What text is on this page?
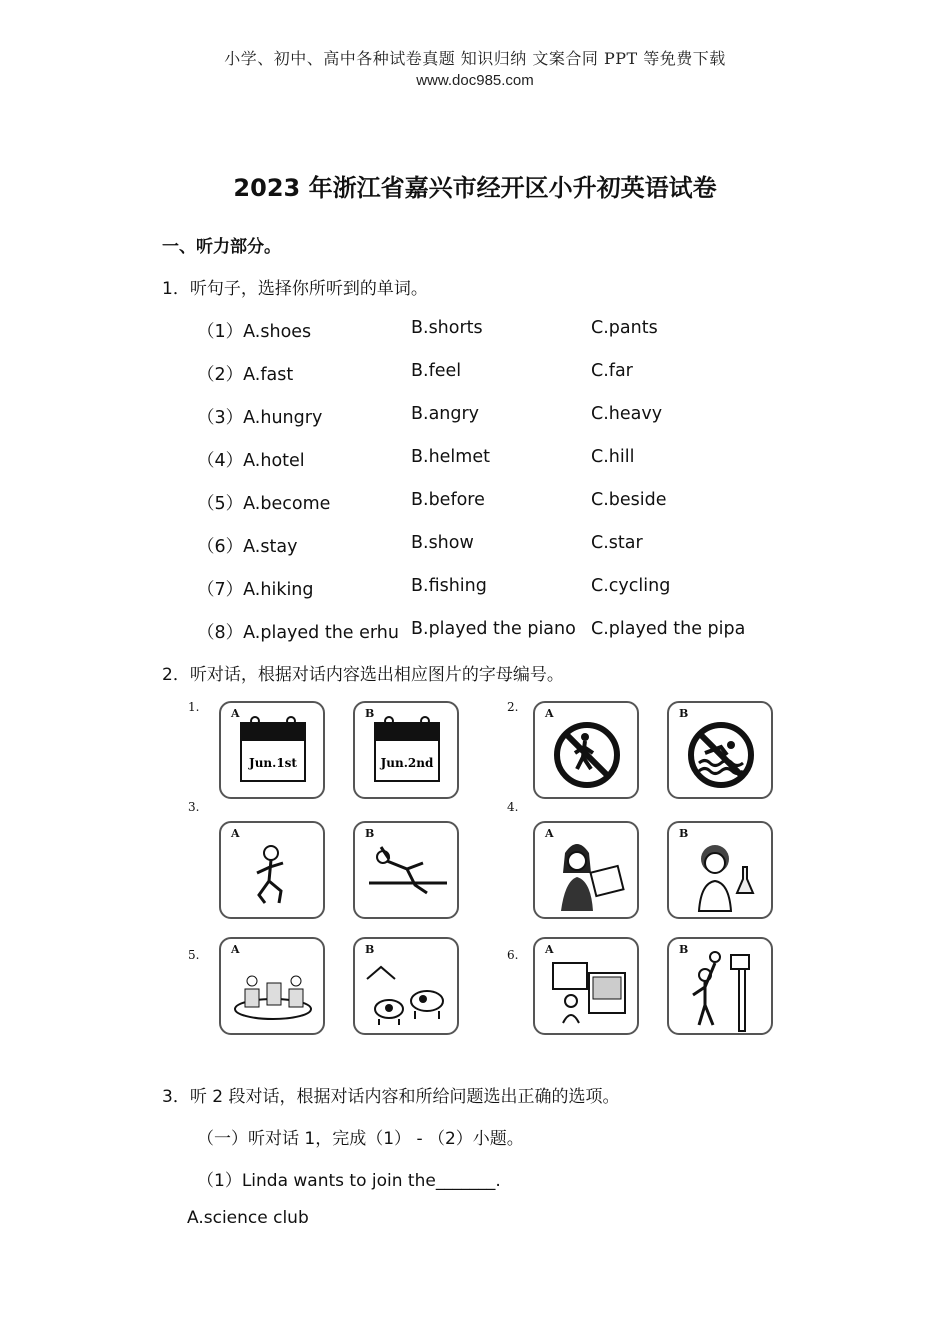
小学、初中、高中各种试卷真题 知识归纳 文案合同 PPT 等免费下载
www.doc985.com
2023 年浙江省嘉兴市经开区小升初英语试卷
一、听力部分。
1．听句子，选择你所听到的单词。
（1）A.shoes	B.shorts	C.pants
（2）A.fast	B.feel	C.far
（3）A.hungry	B.angry	C.heavy
（4）A.hotel	B.helmet	C.hill
（5）A.become	B.before	C.beside
（6）A.stay	B.show	C.star
（7）A.hiking	B.fishing	C.cycling
（8）A.played the erhu B.played the piano C.played the pipa
2．听对话，根据对话内容选出相应图片的字母编号。
1.	2.
3.	4.
5.	6.
A
Jun.1st
B
Jun.2nd
A	B
A	B	A	B
A	B	A	B
3．听 2 段对话，根据对话内容和所给问题选出正确的选项。
（一）听对话 1，完成（1） - （2）小题。
（1）Linda wants to join the_______.
A.science club
